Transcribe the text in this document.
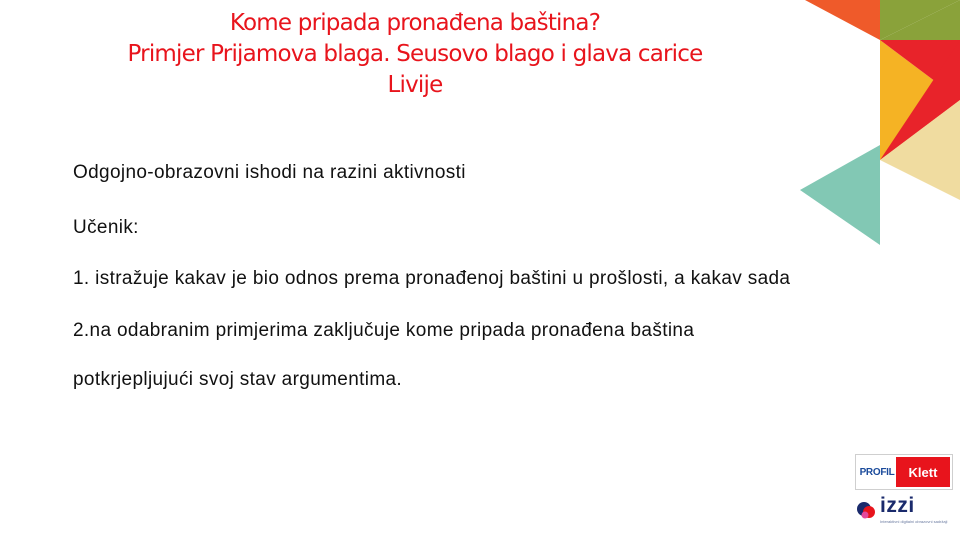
Kome pripada pronađena baština?
Primjer Prijamova blaga. Seusovo blago i glava carice
Livije

Odgojno-obrazovni ishodi na razini aktivnosti

Učenik:

1. istražuje kakav je bio odnos prema pronađenoj baštini u prošlosti, a kakav sada

2.na odabranim primjerima zaključuje kome pripada pronađena baština

potkrjepljujući svoj stav argumentima.

PROFIL	Klett
izzi
Interaktivni digitalni obrazovni sadržaji
